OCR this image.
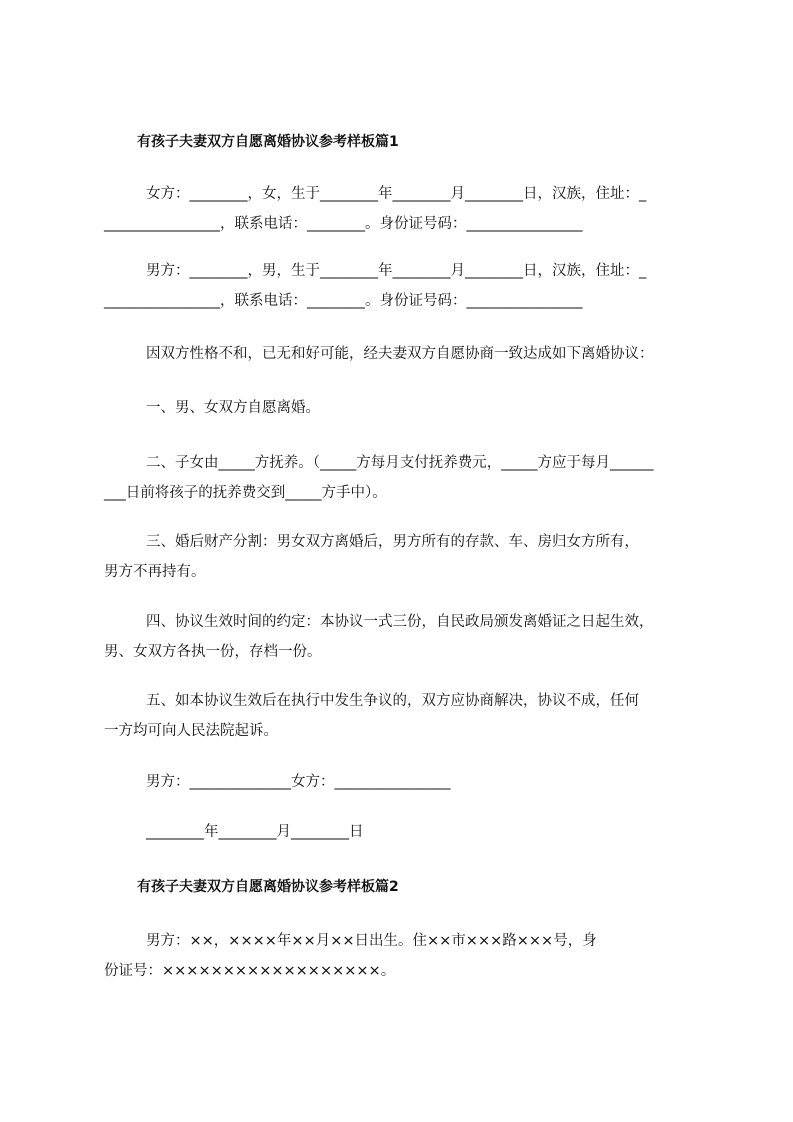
有孩子夫妻双方自愿离婚协议参考样板篇1
女方：________，女，生于________年________月________日，汉族，住址：_
________________，联系电话：________。身份证号码：________________
男方：________，男，生于________年________月________日，汉族，住址：_
________________，联系电话：________。身份证号码：________________
因双方性格不和，已无和好可能，经夫妻双方自愿协商一致达成如下离婚协议：
一、男、女双方自愿离婚。
二、子女由_____方抚养。（_____方每月支付抚养费元，_____方应于每月______
___日前将孩子的抚养费交到_____方手中）。
三、婚后财产分割：男女双方离婚后，男方所有的存款、车、房归女方所有，
男方不再持有。
四、协议生效时间的约定：本协议一式三份，自民政局颁发离婚证之日起生效，
男、女双方各执一份，存档一份。
五、如本协议生效后在执行中发生争议的，双方应协商解决，协议不成，任何
一方均可向人民法院起诉。
男方：______________女方：________________
________年________月________日
有孩子夫妻双方自愿离婚协议参考样板篇2
男方：××，××××年××月××日出生。住××市×××路×××号，身
份证号：××××××××××××××××××。
